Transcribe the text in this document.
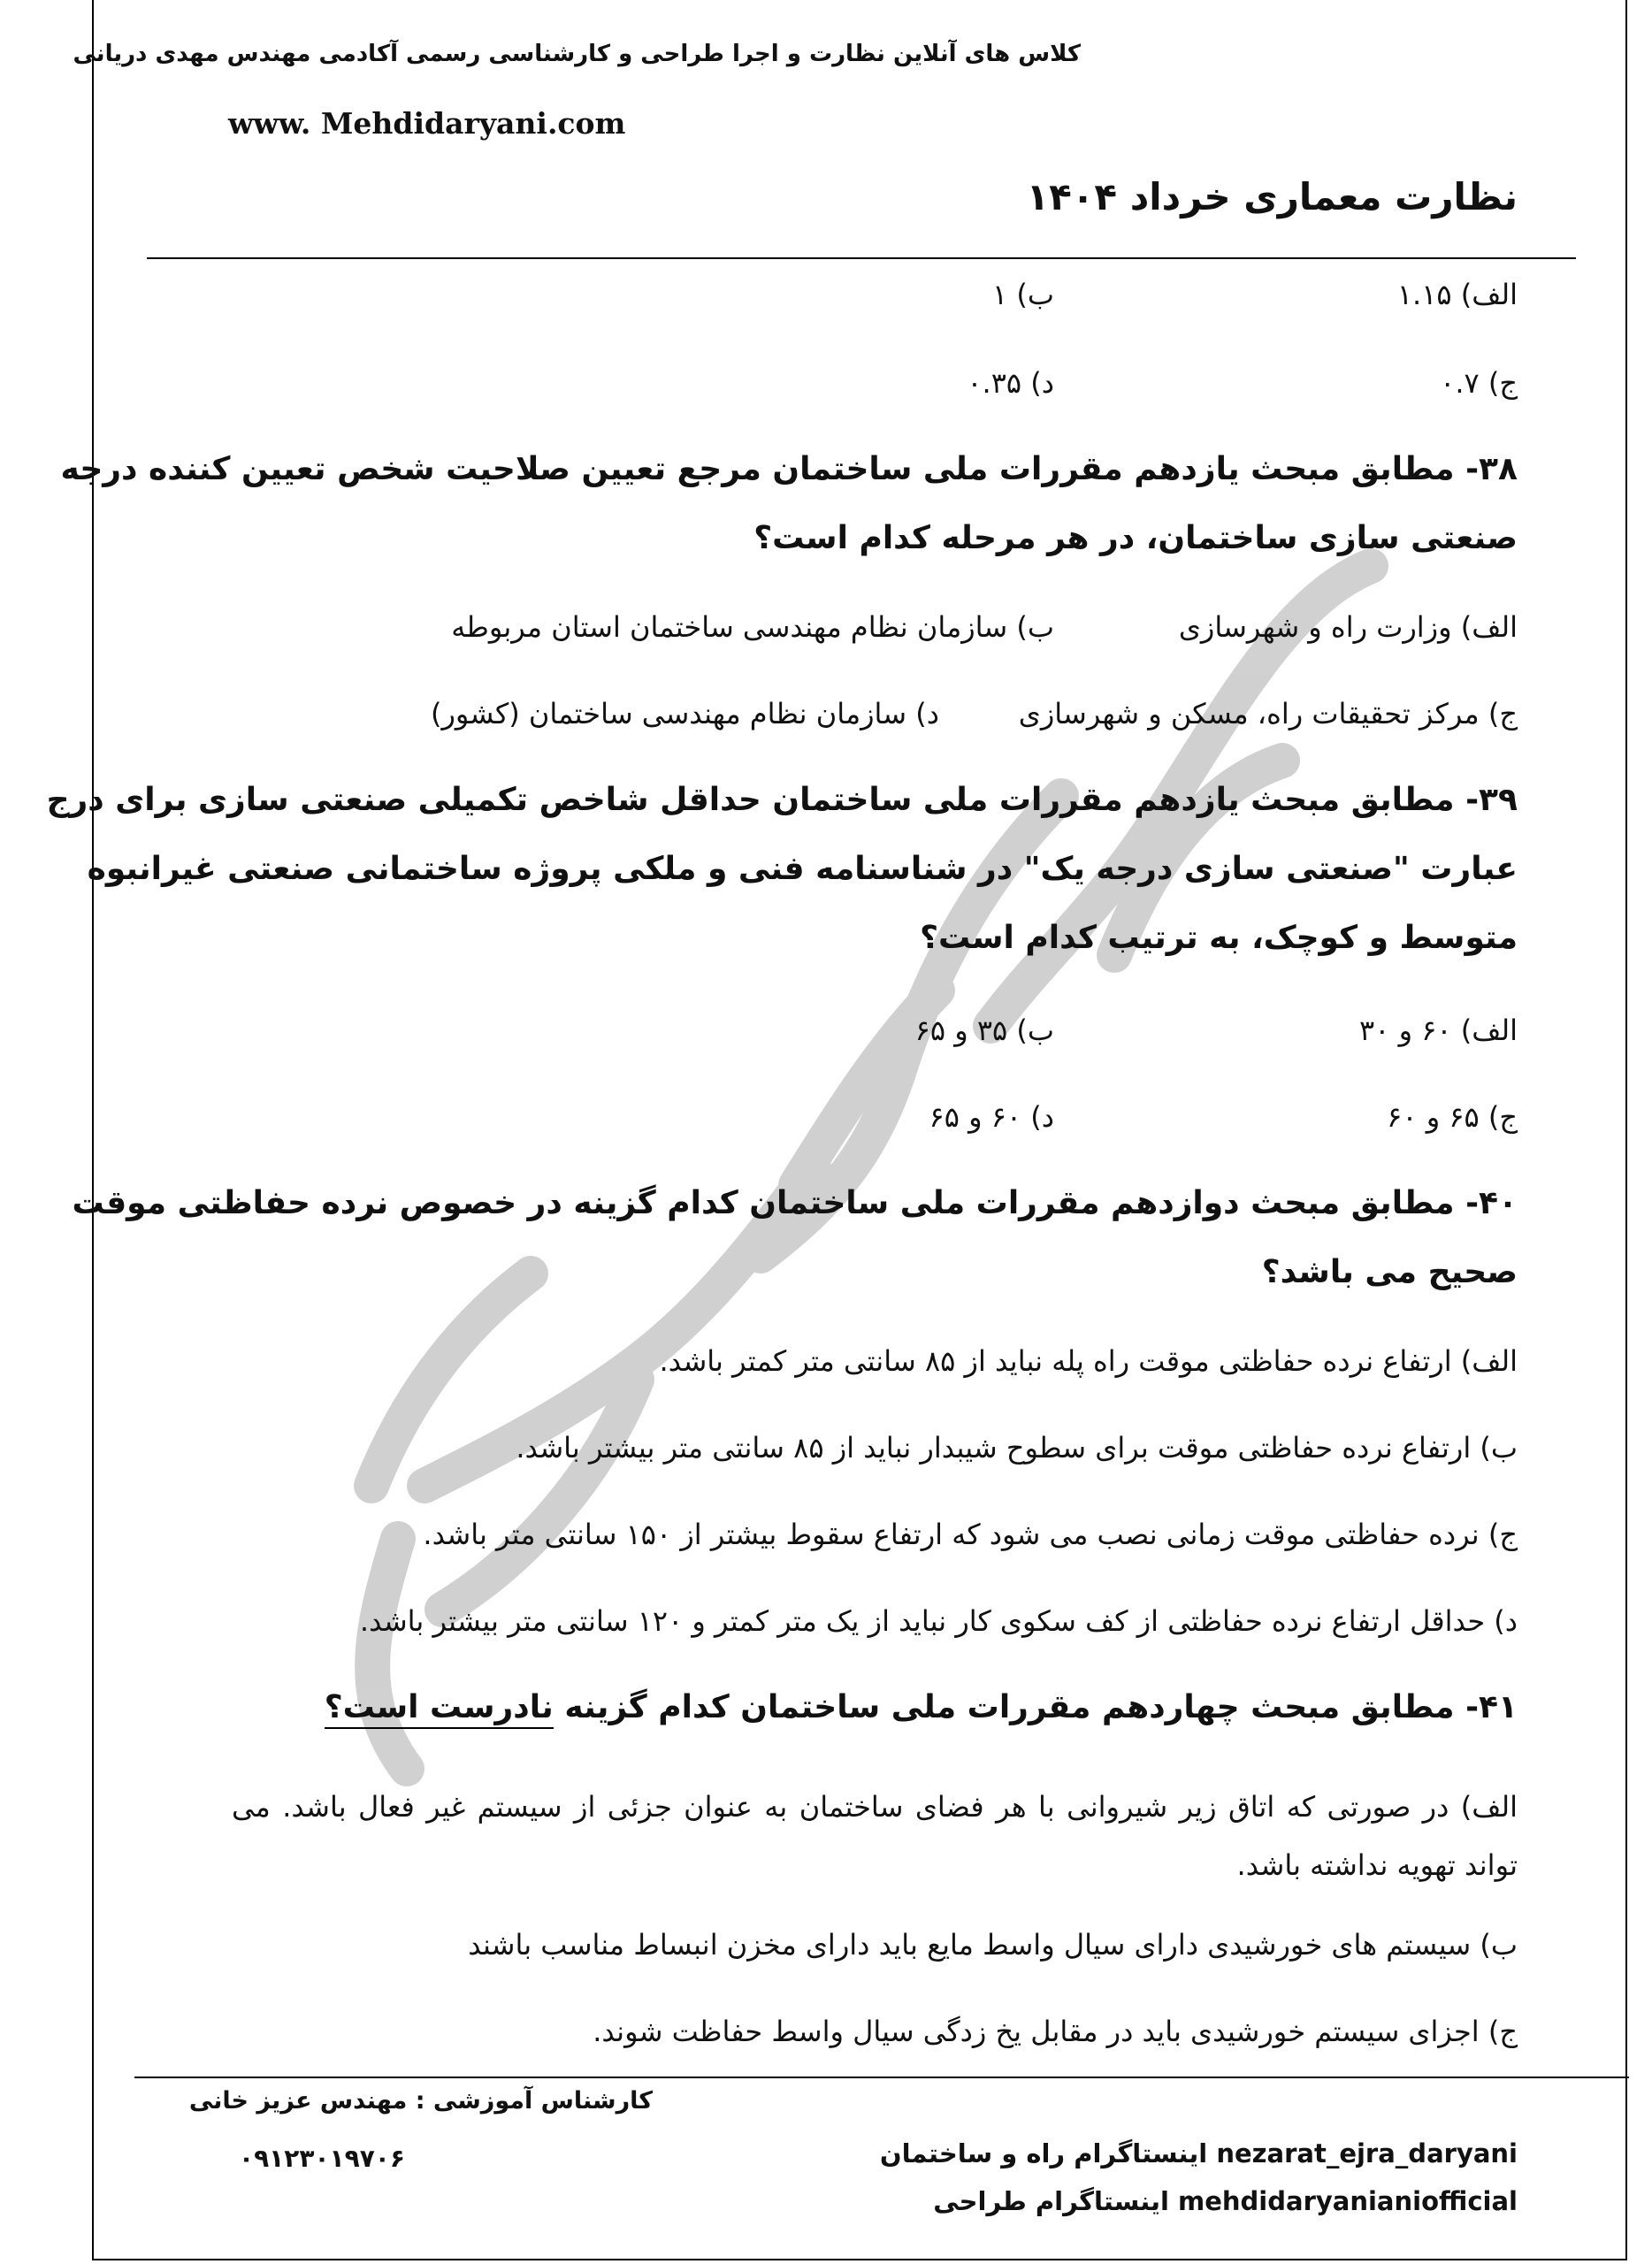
کلاس های آنلاین نظارت و اجرا طراحی و کارشناسی رسمی آکادمی مهندس مهدی دریانی
www. Mehdidaryani.com
نظارت معماری خرداد ۱۴۰۴
الف) ۱.۱۵
ب) ۱
ج) ۰.۷
د) ۰.۳۵
۳۸- مطابق مبحث یازدهم مقررات ملی ساختمان مرجع تعیین صلاحیت شخص تعیین کننده درجه
صنعتی سازی ساختمان، در هر مرحله کدام است؟
الف) وزارت راه و شهرسازی
ب) سازمان نظام مهندسی ساختمان استان مربوطه
ج) مرکز تحقیقات راه، مسکن و شهرسازی
د) سازمان نظام مهندسی ساختمان (کشور)
۳۹- مطابق مبحث یازدهم مقررات ملی ساختمان حداقل شاخص تکمیلی صنعتی سازی برای درج
عبارت "صنعتی سازی درجه یک" در شناسنامه فنی و ملکی پروژه ساختمانی صنعتی غیرانبوه
متوسط و کوچک، به ترتیب کدام است؟
الف) ۶۰ و ۳۰
ب) ۳۵ و ۶۵
ج) ۶۵ و ۶۰
د) ۶۰ و ۶۵
۴۰- مطابق مبحث دوازدهم مقررات ملی ساختمان کدام گزینه در خصوص نرده حفاظتی موقت
صحیح می باشد؟
الف) ارتفاع نرده حفاظتی موقت راه پله نباید از ۸۵ سانتی متر کمتر باشد.
ب) ارتفاع نرده حفاظتی موقت برای سطوح شیبدار نباید از ۸۵ سانتی متر بیشتر باشد.
ج) نرده حفاظتی موقت زمانی نصب می شود که ارتفاع سقوط بیشتر از ۱۵۰ سانتی متر باشد.
د) حداقل ارتفاع نرده حفاظتی از کف سکوی کار نباید از یک متر کمتر و ۱۲۰ سانتی متر بیشتر باشد.
۴۱- مطابق مبحث چهاردهم مقررات ملی ساختمان کدام گزینه نادرست است؟
الف) در صورتی که اتاق زیر شیروانی با هر فضای ساختمان به عنوان جزئی از سیستم غیر فعال باشد. می تواند تهویه نداشته باشد.
ب) سیستم های خورشیدی دارای سیال واسط مایع باید دارای مخزن انبساط مناسب باشند
ج) اجزای سیستم خورشیدی باید در مقابل یخ زدگی سیال واسط حفاظت شوند.
کارشناس آموزشی : مهندس عزیز خانی
۰۹۱۲۳۰۱۹۷۰۶	nezarat_ejra_daryani اینستاگرام راه و ساختمان
mehdidaryanianiofficial اینستاگرام طراحی
